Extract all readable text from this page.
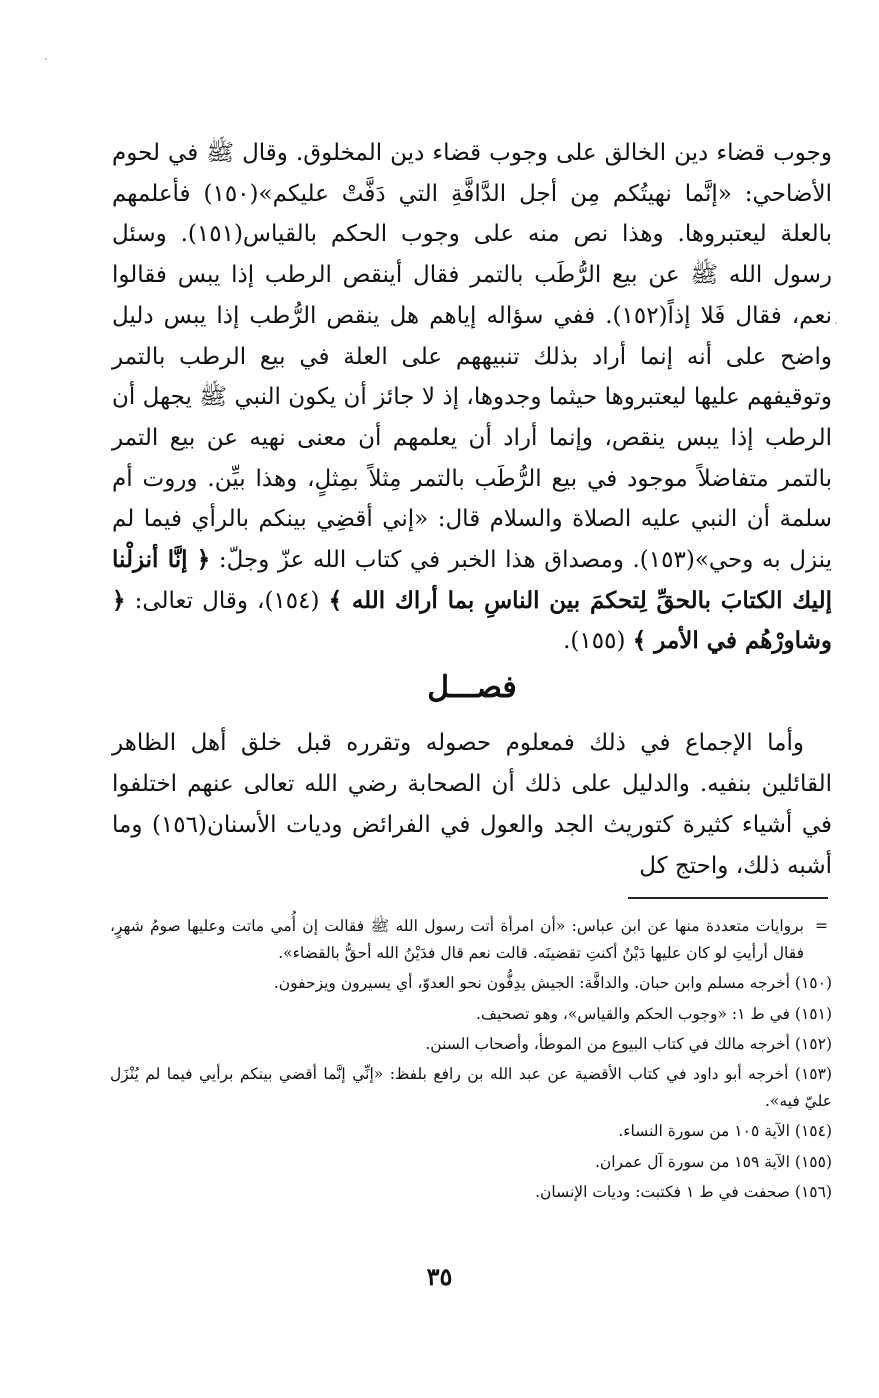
وجوب قضاء دين الخالق على وجوب قضاء دين المخلوق. وقال ﷺ في لحوم الأضاحي: «إنَّما نهيتُكم مِن أجل الدَّافَّةِ التي دَفَّتْ عليكم»(١٥٠) فأعلمهم بالعلة ليعتبروها. وهذا نص منه على وجوب الحكم بالقياس(١٥١). وسئل رسول الله ﷺ عن بيع الرُّطَب بالتمر فقال أينقص الرطب إذا يبس فقالوا نعم، فقال فَلا إذاً(١٥٢). ففي سؤاله إياهم هل ينقص الرُّطب إذا يبس دليل واضح على أنه إنما أراد بذلك تنبيههم على العلة في بيع الرطب بالتمر وتوقيفهم عليها ليعتبروها حيثما وجدوها، إذ لا جائز أن يكون النبي ﷺ يجهل أن الرطب إذا يبس ينقص، وإنما أراد أن يعلمهم أن معنى نهيه عن بيع التمر بالتمر متفاضلاً موجود في بيع الرُّطَب بالتمر مِثلاً بمِثلٍ، وهذا بيِّن. وروت أم سلمة أن النبي عليه الصلاة والسلام قال: «إني أقضِي بينكم بالرأي فيما لم ينزل به وحي»(١٥٣). ومصداق هذا الخبر في كتاب الله عزّ وجلّ: ﴿ إنَّا أنزلْنا إليك الكتابَ بالحقِّ لِتحكمَ بين الناسِ بما أراك الله ﴾ (١٥٤)، وقال تعالى: ﴿ وشاورْهُم في الأمر ﴾ (١٥٥).

فصـــل

وأما الإجماع في ذلك فمعلوم حصوله وتقرره قبل خلق أهل الظاهر القائلين بنفيه. والدليل على ذلك أن الصحابة رضي الله تعالى عنهم اختلفوا في أشياء كثيرة كتوريث الجد والعول في الفرائض وديات الأسنان(١٥٦) وما أشبه ذلك، واحتج كل

=
بروايات متعددة منها عن ابن عباس: «أن امرأة أتت رسول الله ﷺ فقالت إن أُمي ماتت وعليها صومُ شهرٍ، فقال أرأيتِ لو كان عليها دَيْنٌ أكنتِ تقضينَه. قالت نعم قال فدَيْنُ الله أحقُّ بالقضاء».
(١٥٠) أخرجه مسلم وابن حبان. والدافَّة: الجيش يدِفُّون نحو العدوّ، أي يسيرون ويزحفون.
(١٥١) في ط ١: «وجوب الحكم والقياس»، وهو تصحيف.
(١٥٢) أخرجه مالك في كتاب البيوع من الموطأ، وأصحاب السنن.
(١٥٣) أخرجه أبو داود في كتاب الأقضية عن عبد الله بن رافع بلفظ: «إنِّي إنَّما أقضي بينكم برأيي فيما لم يُنْزَل عليّ فيه».
(١٥٤) الآية ١٠٥ من سورة النساء.
(١٥٥) الآية ١٥٩ من سورة آل عمران.
(١٥٦) صحفت في ط ١ فكتبت: وديات الإنسان.
٣٥
